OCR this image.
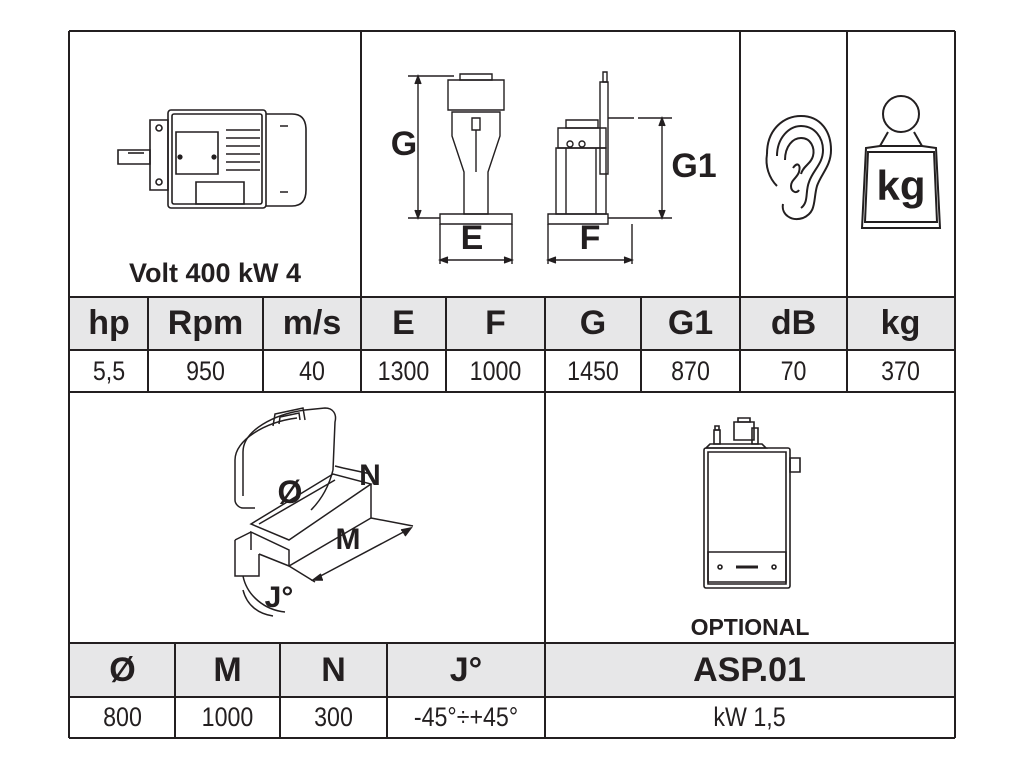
Volt 400 kW 4
G
G1
E	F
kg
hp	Rpm	m/s	E	F	G	G1	dB	kg
5,5	950	40	1300	1000	1450	870	70	370
Ø N
M
J°
OPTIONAL
Ø	M	N	J°	ASP.01
800	1000	300	-45°÷+45°	kW 1,5
